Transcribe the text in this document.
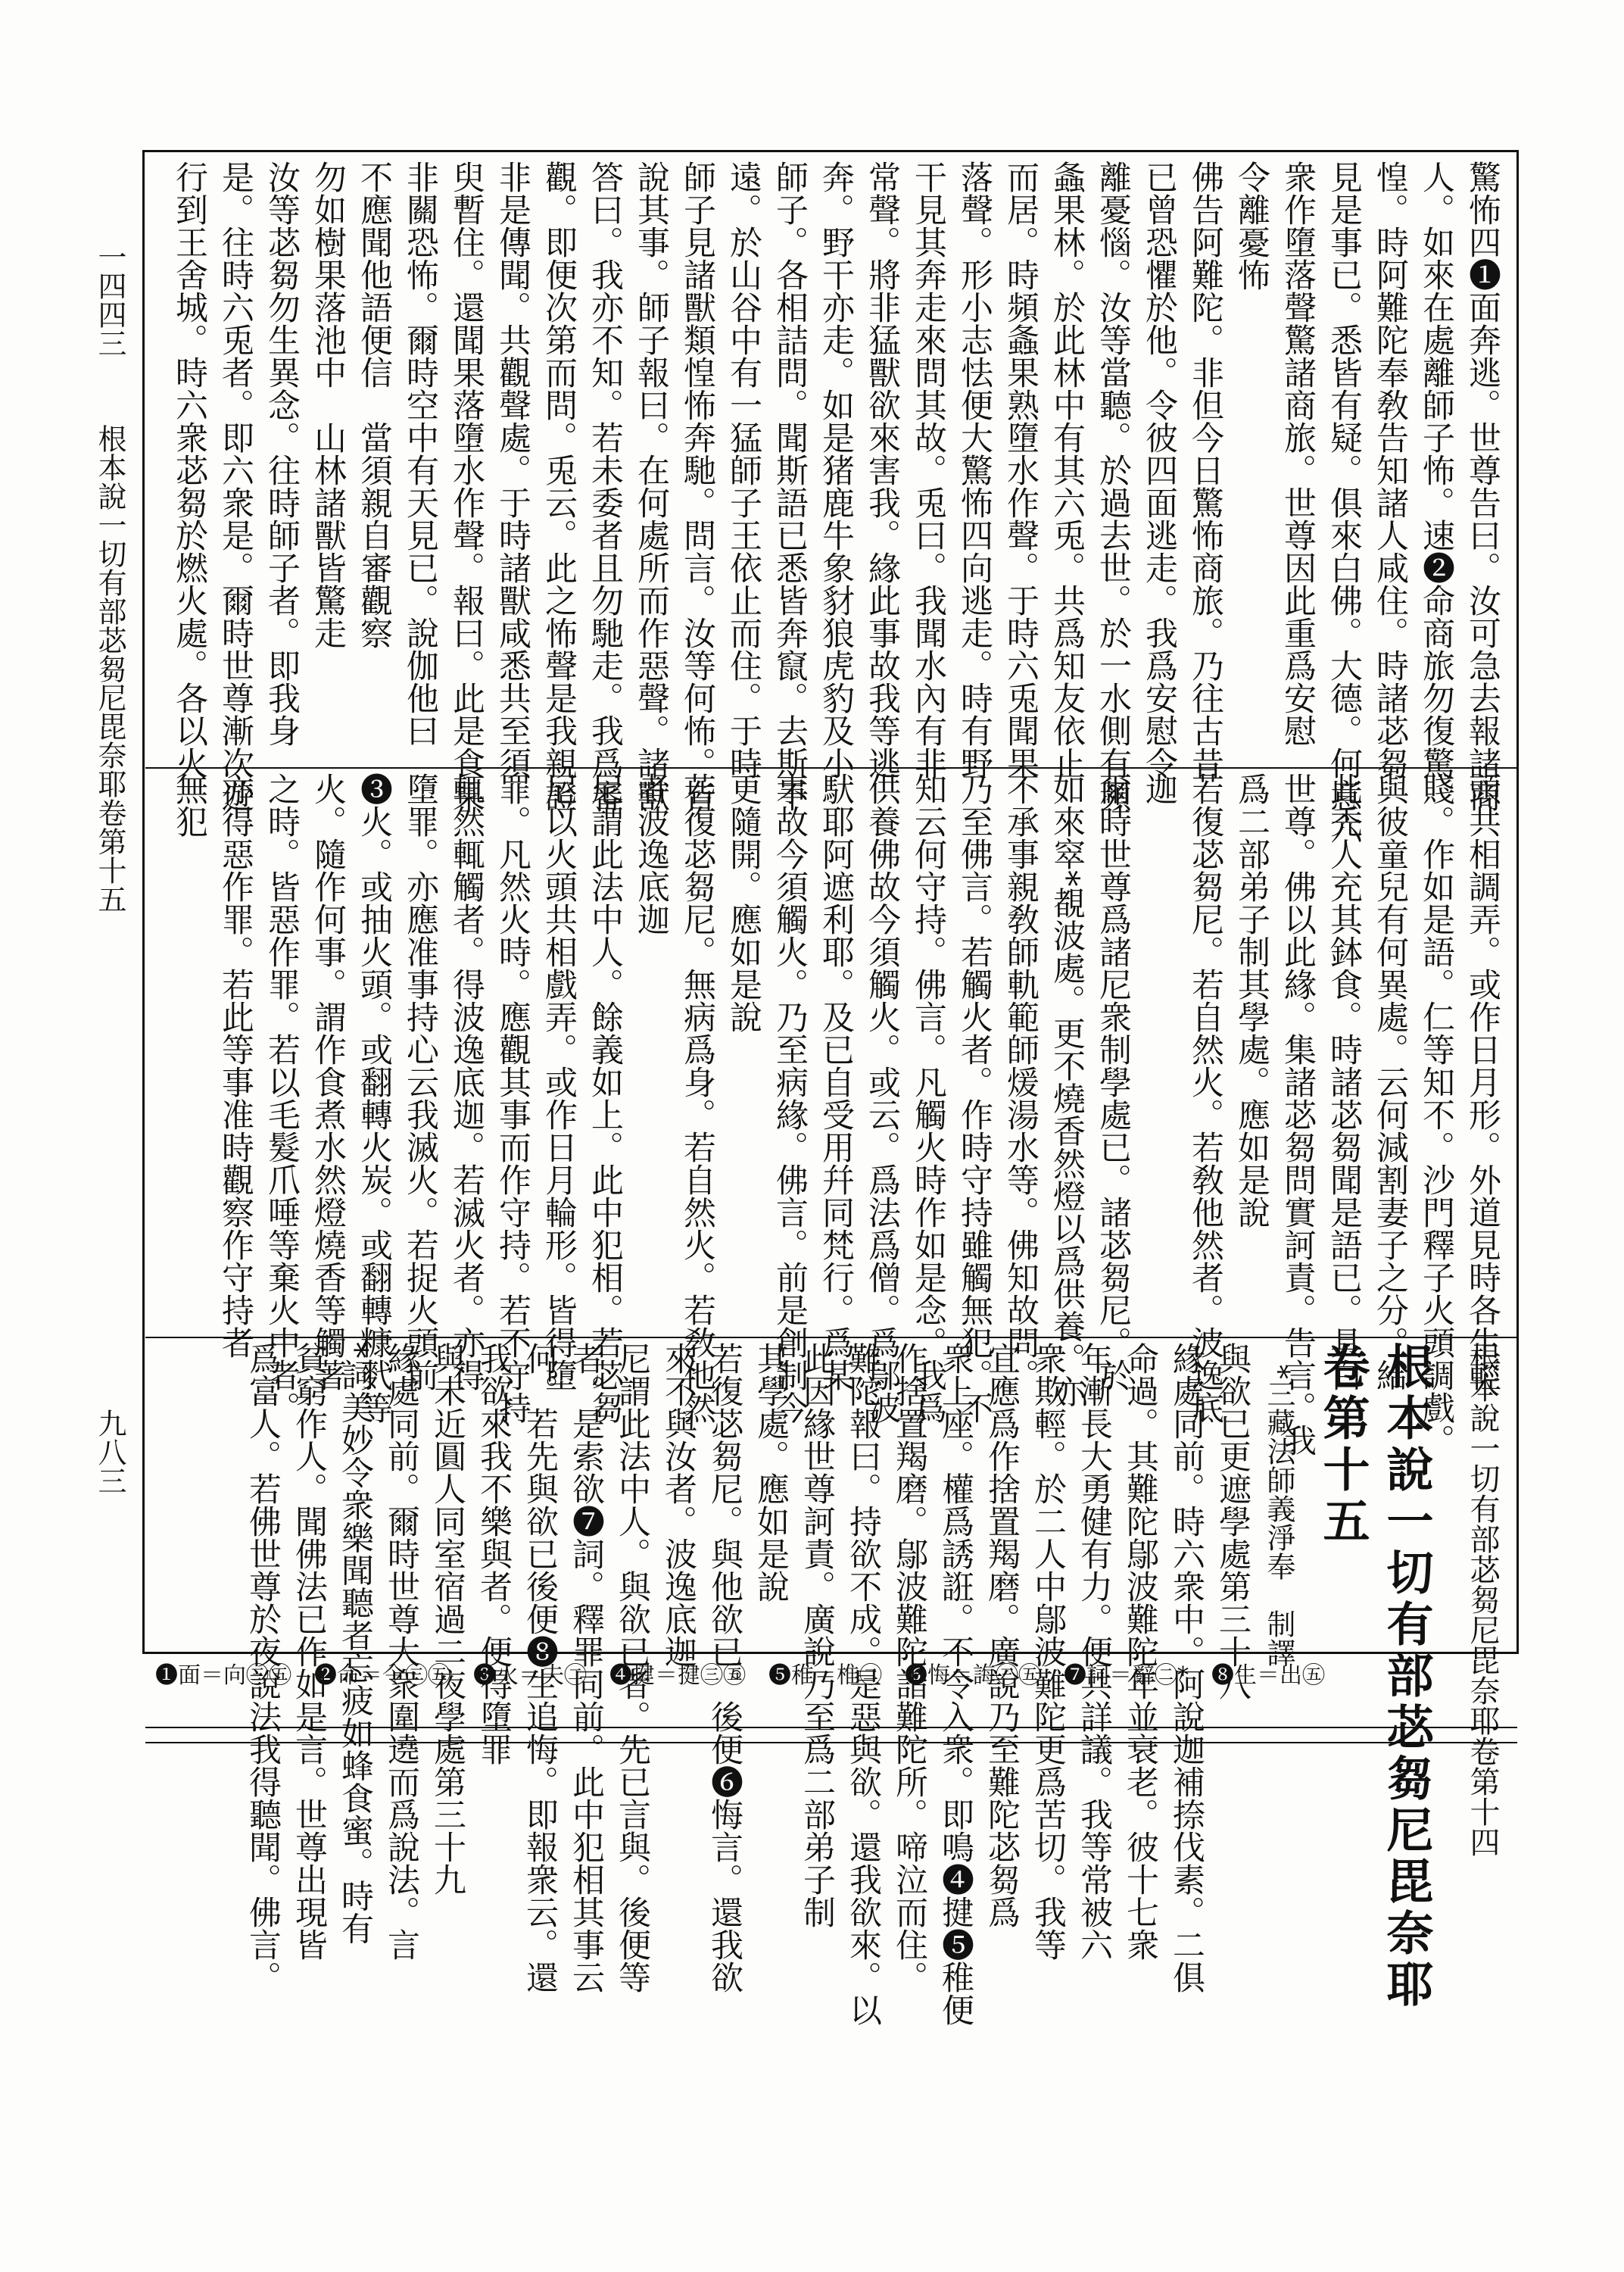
一四四三
根本說一切有部苾芻尼毘奈耶卷第十五
九八三
驚怖四❶面奔逃。世尊告曰。汝可急去報諸商
人。如來在處離師子怖。速❷命商旅勿復驚
惶。時阿難陀奉敎告知諸人咸住。時諸苾芻
見是事已。悉皆有疑。俱來白佛。大德。何意六
衆作墮落聲驚諸商旅。世尊因此重爲安慰
令離憂怖
佛告阿難陀。非但今日驚怖商旅。乃往古昔
已曾恐懼於他。令彼四面逃走。我爲安慰令
離憂惱。汝等當聽。於過去世。於一水側有頻
螽果林。於此林中有其六兎。共爲知友依止
而居。時頻螽果熟墮水作聲。于時六兎聞果
落聲。形小志怯便大驚怖四向逃走。時有野
干見其奔走來問其故。兎曰。我聞水內有非
常聲。將非猛獸欲來害我。緣此事故我等逃
奔。野干亦走。如是猪鹿牛象豺狼虎豹及小
師子。各相詰問。聞斯語已悉皆奔竄。去斯不
遠。於山谷中有一猛師子王依止而住。于時
師子見諸獸類惶怖奔馳。問言。汝等何怖。皆
說其事。師子報曰。在何處所而作惡聲。諸獸
答曰。我亦不知。若未委者且勿馳走。我爲審
觀。即便次第而問。兎云。此之怖聲是我親證
非是傳聞。共觀聲處。于時諸獸咸悉共至須
臾暫住。還聞果落墮水作聲。報曰。此是食果
非關恐怖。爾時空中有天見已。說伽他曰
不應聞他語便信　當須親自審觀察
勿如樹果落池中　山林諸獸皆驚走
汝等苾芻勿生異念。往時師子者。即我身
是。往時六兎者。即六衆是。爾時世尊漸次遊
行到王舍城。時六衆苾芻於燃火處。各以火
頭共相調弄。或作日月形。外道見時各生輕
賤。作如是語。仁等知不。沙門釋子火頭調戲。
與彼童兒有何異處。云何減割妻子之分。給
此禿人充其鉢食。時諸苾芻聞是語已。具白
世尊。佛以此緣。集諸苾芻問實訶責。告言。我
爲二部弟子制其學處。應如是說
若復苾芻尼。若自然火。若敎他然者。波逸底
迦
爾時世尊爲諸尼衆制學處已。諸苾芻尼。於
如來窣*覩波處。更不燒香然燈以爲供養。亦
不承事親敎師軌範師煖湯水等。佛知故問。
乃至佛言。若觸火者。作時守持雖觸無犯。不
知云何守持。佛言。凡觸火時作如是念。我爲
供養佛故今須觸火。或云。爲法爲僧。爲鄔波
䭾耶阿遮利耶。及已自受用幷同梵行。爲某
事故今須觸火。乃至病緣。佛言。前是創制今
更隨開。應如是說
若復苾芻尼。無病爲身。若自然火。若敎他然
者波逸底迦
尼謂此法中人。餘義如上。此中犯相。若苾芻
尼以火頭共相戲弄。或作日月輪形。皆得墮
罪。凡然火時。應觀其事而作守持。若不守持
輒然輒觸者。得波逸底迦。若滅火者。亦得
墮罪。亦應准事持心云我滅火。若捉火頭前
❸火。或抽火頭。或翻轉火炭。或翻轉糠䴬等
火。隨作何事。謂作食煮水然燈燒香等觸著
之時。皆惡作罪。若以毛髮爪唾等棄火中者。
亦得惡作罪。若此等事准時觀察作守持者
無犯
根本說一切有部苾芻尼毘奈耶卷第十四
根本說一切有部苾芻尼毘奈耶
卷第十五
*三藏法師義淨奉　制譯
與欲已更遮學處第三十八
緣處同前。時六衆中。阿說迦補捺伐素。二俱
命過。其難陀鄔波難陀年並衰老。彼十七衆
年漸長大勇健有力。便共詳議。我等常被六
衆欺輕。於二人中鄔波難陀更爲苦切。我等
宜應爲作捨置羯磨。廣說乃至難陀苾芻爲
衆上座。權爲誘誑。不令入衆。即鳴❹揵❺稚便
作捨置羯磨。鄔波難陀詣難陀所。啼泣而住。
難陀報曰。持欲不成。是惡與欲。還我欲來。以
此因緣世尊訶責。廣說乃至爲二部弟子制
其學處。應如是說
若復苾芻尼。與他欲已。後便❻悔言。還我欲
來不與汝者。波逸底迦
尼謂此法中人。與欲已者。先已言與。後便等
者。是索欲❼詞。釋罪同前。此中犯相其事云
何。若先與欲已後便❽生追悔。即報衆云。還
我欲來我不樂與者。便得墮罪
與未近圓人同室宿過二夜學處第三十九
緣處同前。爾時世尊大衆圍遶而爲說法。言
*詞美妙令衆樂聞聽者忘疲如蜂食蜜。時有
貧窮作人。聞佛法已作如是言。世尊出現皆
爲富人。若佛世尊於夜說法我得聽聞。佛言。
❶面＝向㊂㊄　❷命＝令㊂㊄　❸火＝夫㊁　❹揵＝揵㊂㊄　❺稚＝椎㊁　❻悔＝誨㊂㊄　❼詞＝辭㊁*　❽生＝出㊄
